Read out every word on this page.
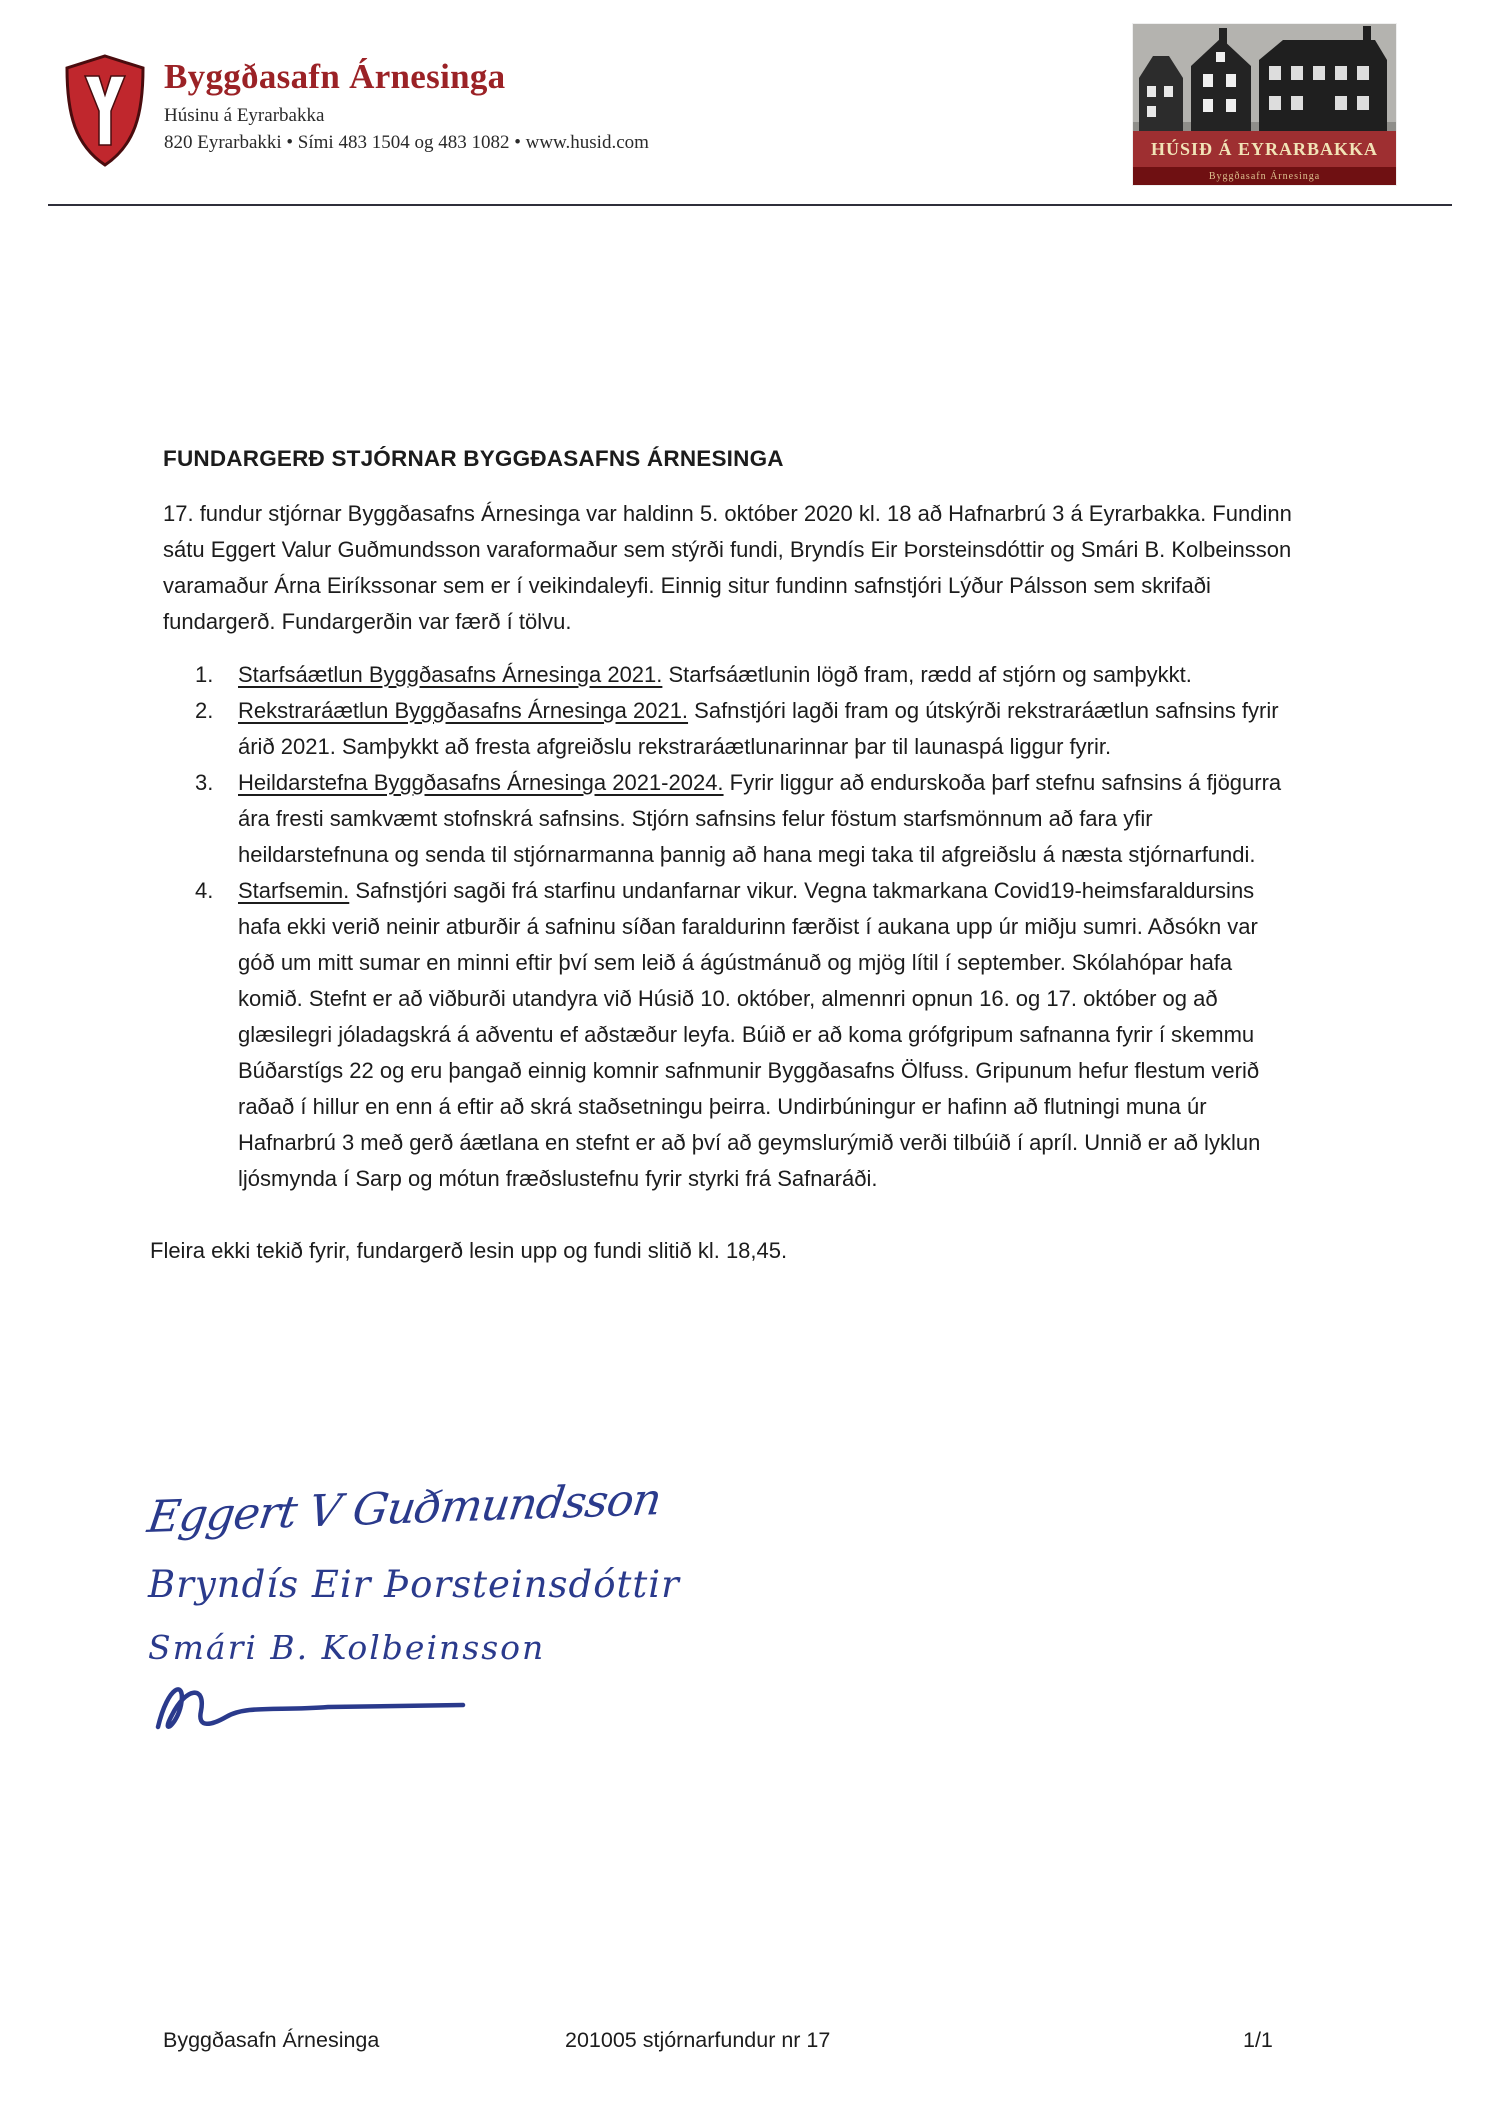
Byggðasafn Árnesinga
Húsinu á Eyrarbakka
820 Eyrarbakki • Sími 483 1504 og 483 1082 • www.husid.com	HÚSIÐ Á EYRARBAKKA
Byggðasafn Árnesinga
FUNDARGERÐ STJÓRNAR BYGGÐASAFNS ÁRNESINGA

17. fundur stjórnar Byggðasafns Árnesinga var haldinn 5. október 2020 kl. 18 að Hafnarbrú 3 á Eyrarbakka. Fundinn sátu Eggert Valur Guðmundsson varaformaður sem stýrði fundi, Bryndís Eir Þorsteinsdóttir og Smári B. Kolbeinsson varamaður Árna Eiríkssonar sem er í veikindaleyfi. Einnig situr fundinn safnstjóri Lýður Pálsson sem skrifaði fundargerð. Fundargerðin var færð í tölvu.

1.	Starfsáætlun Byggðasafns Árnesinga 2021. Starfsáætlunin lögð fram, rædd af stjórn og samþykkt.
2.	Rekstraráætlun Byggðasafns Árnesinga 2021. Safnstjóri lagði fram og útskýrði rekstraráætlun safnsins fyrir árið 2021. Samþykkt að fresta afgreiðslu rekstraráætlunarinnar þar til launaspá liggur fyrir.
3.	Heildarstefna Byggðasafns Árnesinga 2021-2024. Fyrir liggur að endurskoða þarf stefnu safnsins á fjögurra ára fresti samkvæmt stofnskrá safnsins. Stjórn safnsins felur föstum starfsmönnum að fara yfir heildarstefnuna og senda til stjórnarmanna þannig að hana megi taka til afgreiðslu á næsta stjórnarfundi.
4.	Starfsemin. Safnstjóri sagði frá starfinu undanfarnar vikur. Vegna takmarkana Covid19-heimsfaraldursins hafa ekki verið neinir atburðir á safninu síðan faraldurinn færðist í aukana upp úr miðju sumri. Aðsókn var góð um mitt sumar en minni eftir því sem leið á ágústmánuð og mjög lítil í september. Skólahópar hafa komið. Stefnt er að viðburði utandyra við Húsið 10. október, almennri opnun 16. og 17. október og að glæsilegri jóladagskrá á aðventu ef aðstæður leyfa. Búið er að koma grófgripum safnanna fyrir í skemmu Búðarstígs 22 og eru þangað einnig komnir safnmunir Byggðasafns Ölfuss. Gripunum hefur flestum verið raðað í hillur en enn á eftir að skrá staðsetningu þeirra. Undirbúningur er hafinn að flutningi muna úr Hafnarbrú 3 með gerð áætlana en stefnt er að því að geymslurýmið verði tilbúið í apríl. Unnið er að lyklun ljósmynda í Sarp og mótun fræðslustefnu fyrir styrki frá Safnaráði.

Fleira ekki tekið fyrir, fundargerð lesin upp og fundi slitið kl. 18,45.

Eggert V Guðmundsson
Bryndís Eir Þorsteinsdóttir
Smári B. Kolbeinsson
Byggðasafn Árnesinga	201005 stjórnarfundur nr 17	1/1
